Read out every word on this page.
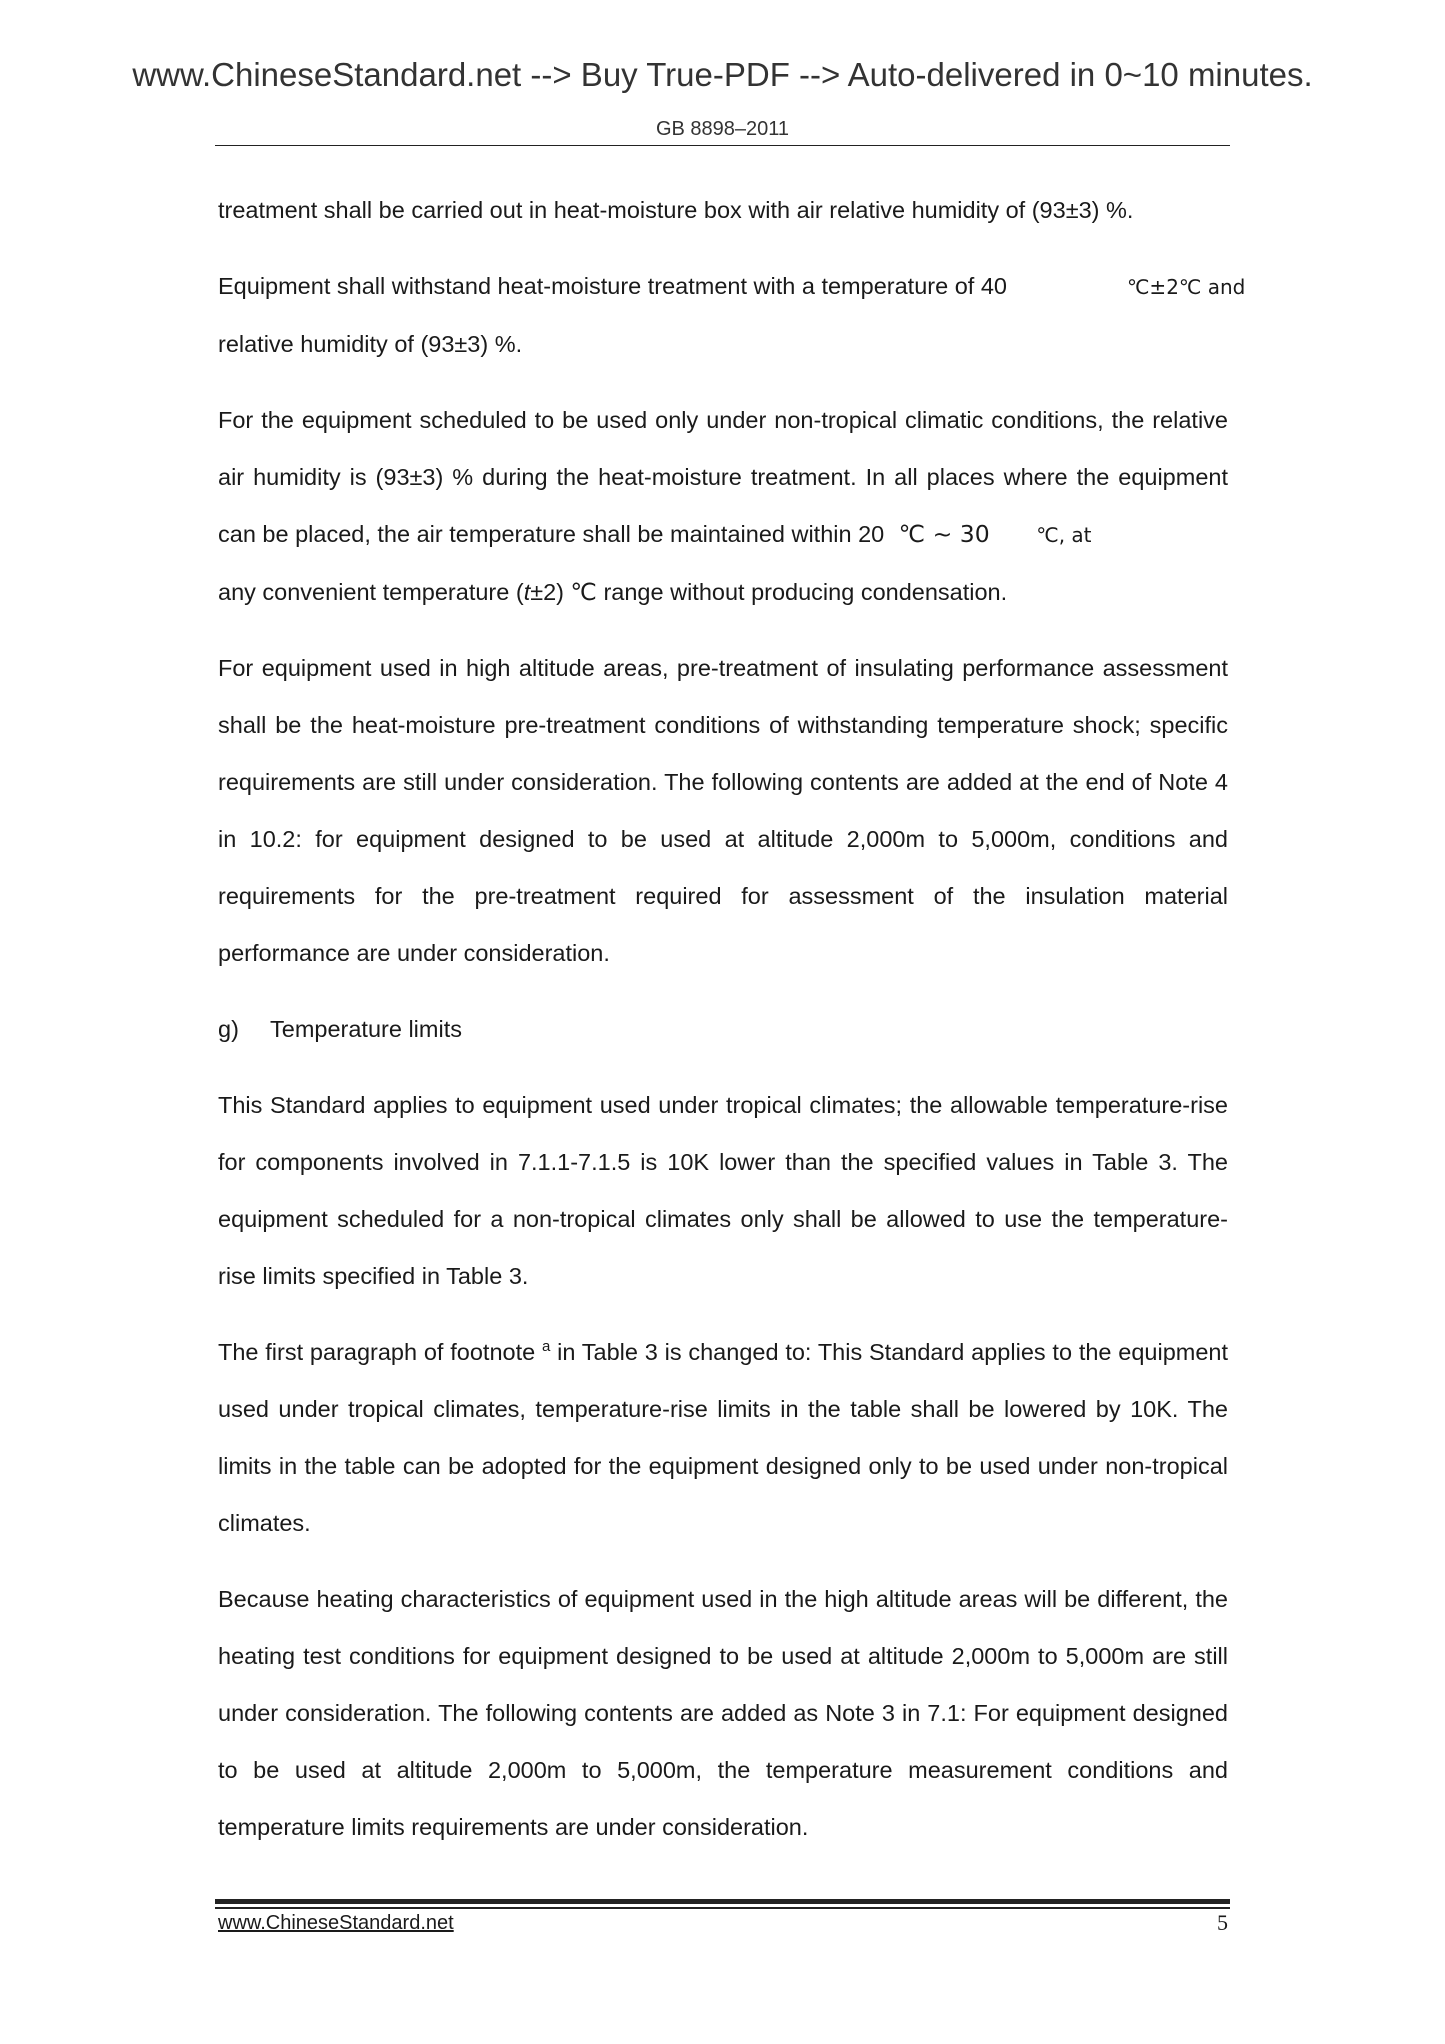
www.ChineseStandard.net --> Buy True-PDF --> Auto-delivered in 0~10 minutes.
GB 8898–2011

treatment shall be carried out in heat-moisture box with air relative humidity of (93±3) %.

Equipment shall withstand heat-moisture treatment with a temperature of 40	℃±2℃ and
relative humidity of (93±3) %.
For the equipment scheduled to be used only under non-tropical climatic conditions, the relative air humidity is (93±3) % during the heat-moisture treatment. In all places where the equipment can be placed, the air temperature shall be maintained within 20 ℃ ~ 30 ℃, at
any convenient temperature (t±2) ℃ range without producing condensation.

For equipment used in high altitude areas, pre-treatment of insulating performance assessment shall be the heat-moisture pre-treatment conditions of withstanding temperature shock; specific requirements are still under consideration. The following contents are added at the end of Note 4 in 10.2: for equipment designed to be used at altitude 2,000m to 5,000m, conditions and requirements for the pre-treatment required for assessment of the insulation material performance are under consideration.

g) Temperature limits

This Standard applies to equipment used under tropical climates; the allowable temperature-rise for components involved in 7.1.1-7.1.5 is 10K lower than the specified values in Table 3. The equipment scheduled for a non-tropical climates only shall be allowed to use the temperature-rise limits specified in Table 3.

The first paragraph of footnote $^a$ in Table 3 is changed to: This Standard applies to the equipment used under tropical climates, temperature-rise limits in the table shall be lowered by 10K. The limits in the table can be adopted for the equipment designed only to be used under non-tropical climates.

Because heating characteristics of equipment used in the high altitude areas will be different, the heating test conditions for equipment designed to be used at altitude 2,000m to 5,000m are still under consideration. The following contents are added as Note 3 in 7.1: For equipment designed to be used at altitude 2,000m to 5,000m, the temperature measurement conditions and temperature limits requirements are under consideration.

www.ChineseStandard.net	5
